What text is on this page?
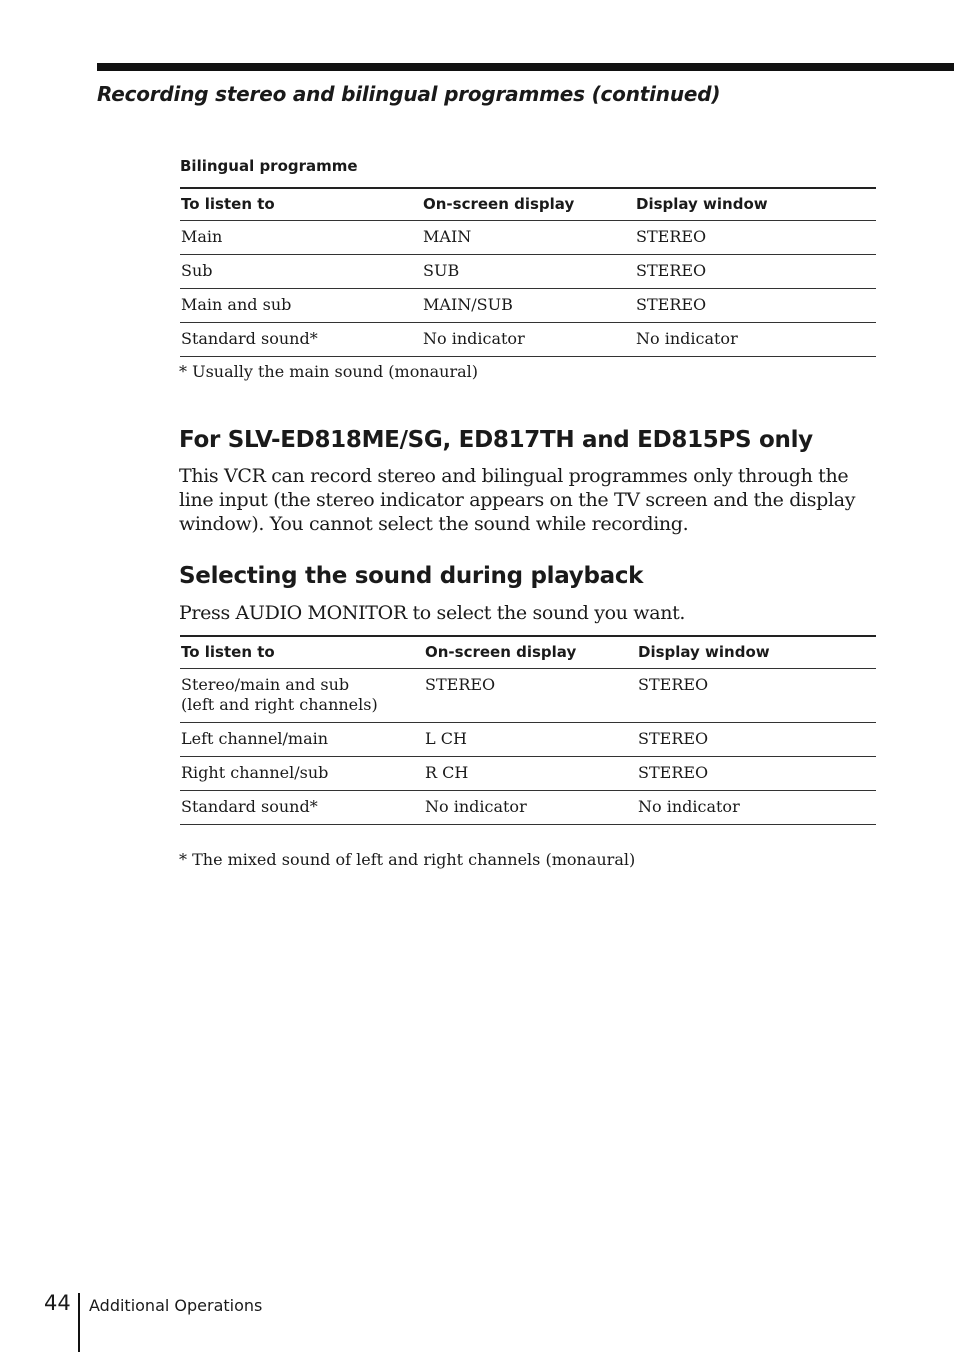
Recording stereo and bilingual programmes (continued)
Bilingual programme
To listen to	On-screen display	Display window
Main	MAIN	STEREO
Sub	SUB	STEREO
Main and sub	MAIN/SUB	STEREO
Standard sound*	No indicator	No indicator
* Usually the main sound (monaural)
For SLV-ED818ME/SG, ED817TH and ED815PS only

This VCR can record stereo and bilingual programmes only through the line input (the stereo indicator appears on the TV screen and the display window). You cannot select the sound while recording.

Selecting the sound during playback

Press AUDIO MONITOR to select the sound you want.

To listen to	On-screen display	Display window

Stereo/main and sub
(left and right channels)	STEREO	STEREO
Left channel/main	L CH	STEREO
Right channel/sub	R CH	STEREO
Standard sound*	No indicator	No indicator
* The mixed sound of left and right channels (monaural)
44 Additional Operations
